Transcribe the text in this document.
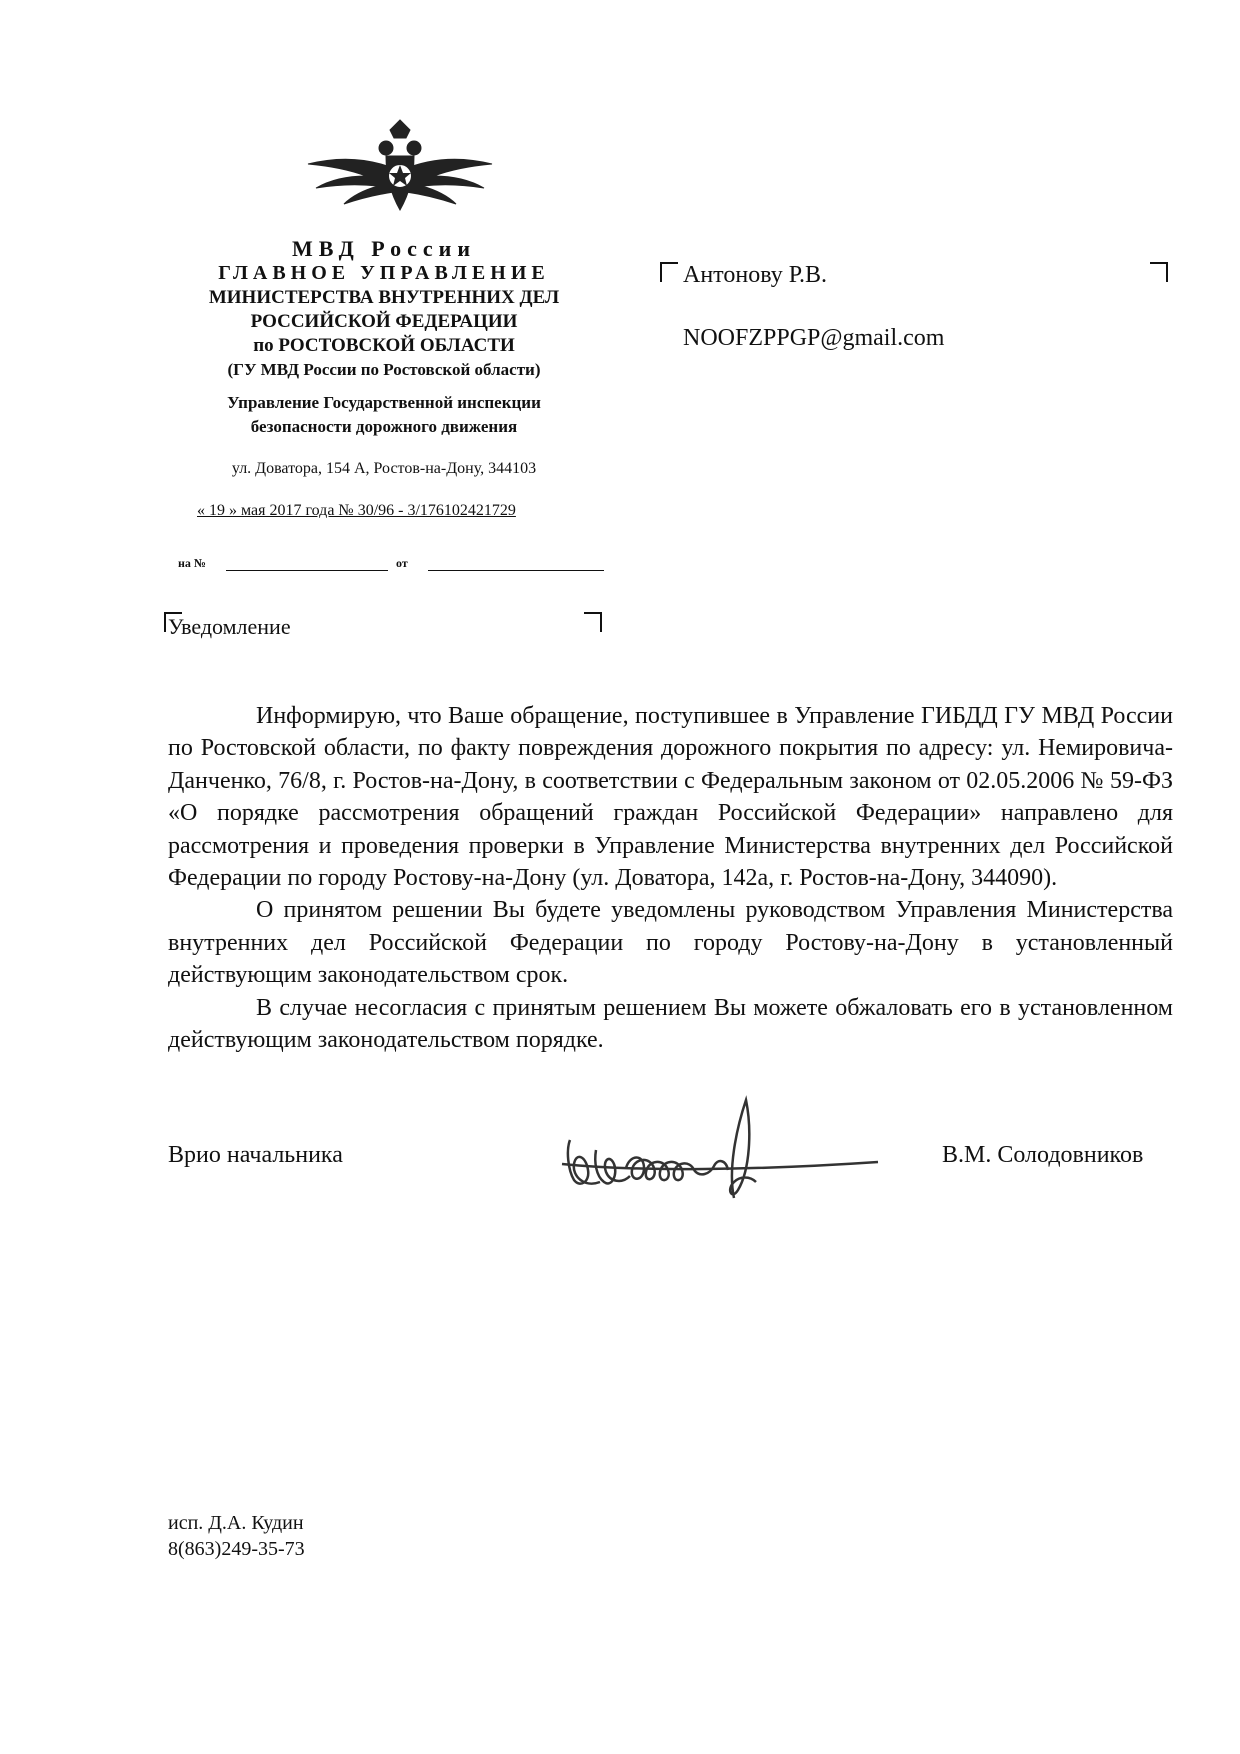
МВД России
ГЛАВНОЕ УПРАВЛЕНИЕ
МИНИСТЕРСТВА ВНУТРЕННИХ ДЕЛ
РОССИЙСКОЙ ФЕДЕРАЦИИ
по РОСТОВСКОЙ ОБЛАСТИ
(ГУ МВД России по Ростовской области)
Управление Государственной инспекции
безопасности дорожного движения
ул. Доватора, 154 А, Ростов-на-Дону, 344103
« 19 » мая 2017 года № 30/96 - 3/176102421729
на №	от
Антонову Р.В.
NOOFZPPGP@gmail.com
Уведомление

Информирую, что Ваше обращение, поступившее в Управление ГИБДД ГУ МВД России по Ростовской области, по факту повреждения дорожного покрытия по адресу: ул. Немировича-Данченко, 76/8, г. Ростов-на-Дону, в соответствии с Федеральным законом от 02.05.2006 № 59-ФЗ «О порядке рассмотрения обращений граждан Российской Федерации» направлено для рассмотрения и проведения проверки в Управление Министерства внутренних дел Российской Федерации по городу Ростову-на-Дону (ул. Доватора, 142а, г. Ростов-на-Дону, 344090).

О принятом решении Вы будете уведомлены руководством Управления Министерства внутренних дел Российской Федерации по городу Ростову-на-Дону в установленный действующим законодательством срок.

В случае несогласия с принятым решением Вы можете обжаловать его в установленном действующим законодательством порядке.

Врио начальника	В.М. Солодовников
исп. Д.А. Кудин
8(863)249-35-73
